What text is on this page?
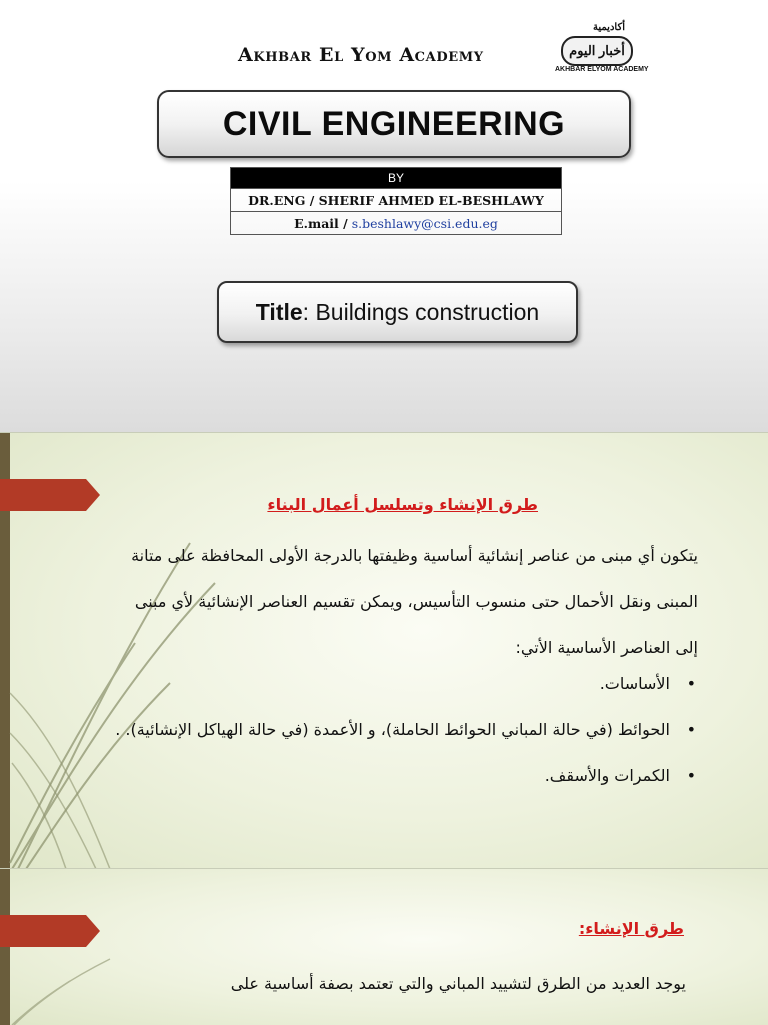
Akhbar El Yom Academy
أكاديمية
أخبار اليوم
AKHBAR ELYOM ACADEMY
CIVIL ENGINEERING
BY
DR.ENG / SHERIF AHMED EL-BESHLAWY
E.mail / s.beshlawy@csi.edu.eg
Title : Buildings construction
طرق الإنشاء وتسلسل أعمال البناء

يتكون أي مبنى من عناصر إنشائية أساسية وظيفتها بالدرجة الأولى المحافظة على متانة المبنى ونقل الأحمال حتى منسوب التأسيس، ويمكن تقسيم العناصر الإنشائية لأي مبنى إلى العناصر الأساسية الأتي:

•
الأساسات.
•
الحوائط (في حالة المباني الحوائط الحاملة)، و الأعمدة (في حالة الهياكل الإنشائية). .
•
الكمرات والأسقف.
طرق الإنشاء:

يوجد العديد من الطرق لتشييد المباني والتي تعتمد بصفة أساسية على
